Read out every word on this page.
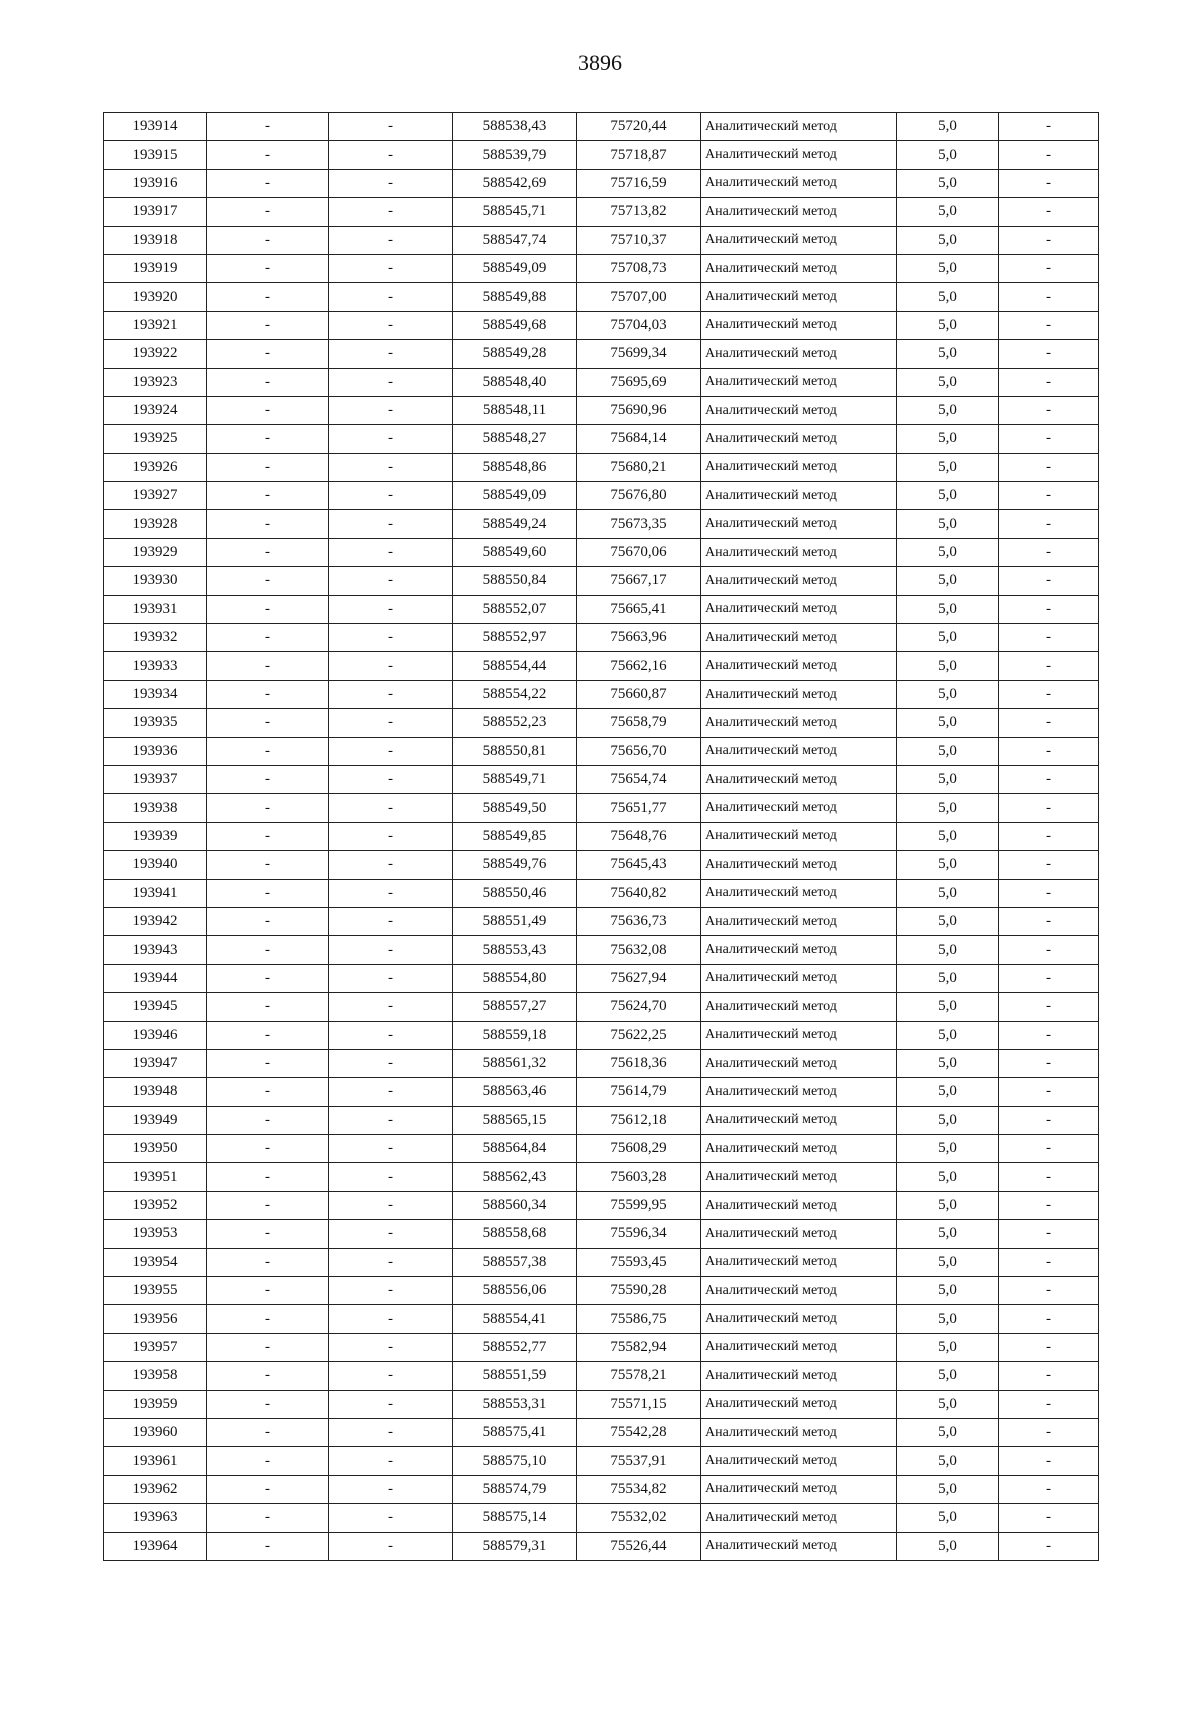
3896
193914	-	-	588538,43	75720,44	Аналитический метод	5,0	-
193915	-	-	588539,79	75718,87	Аналитический метод	5,0	-
193916	-	-	588542,69	75716,59	Аналитический метод	5,0	-
193917	-	-	588545,71	75713,82	Аналитический метод	5,0	-
193918	-	-	588547,74	75710,37	Аналитический метод	5,0	-
193919	-	-	588549,09	75708,73	Аналитический метод	5,0	-
193920	-	-	588549,88	75707,00	Аналитический метод	5,0	-
193921	-	-	588549,68	75704,03	Аналитический метод	5,0	-
193922	-	-	588549,28	75699,34	Аналитический метод	5,0	-
193923	-	-	588548,40	75695,69	Аналитический метод	5,0	-
193924	-	-	588548,11	75690,96	Аналитический метод	5,0	-
193925	-	-	588548,27	75684,14	Аналитический метод	5,0	-
193926	-	-	588548,86	75680,21	Аналитический метод	5,0	-
193927	-	-	588549,09	75676,80	Аналитический метод	5,0	-
193928	-	-	588549,24	75673,35	Аналитический метод	5,0	-
193929	-	-	588549,60	75670,06	Аналитический метод	5,0	-
193930	-	-	588550,84	75667,17	Аналитический метод	5,0	-
193931	-	-	588552,07	75665,41	Аналитический метод	5,0	-
193932	-	-	588552,97	75663,96	Аналитический метод	5,0	-
193933	-	-	588554,44	75662,16	Аналитический метод	5,0	-
193934	-	-	588554,22	75660,87	Аналитический метод	5,0	-
193935	-	-	588552,23	75658,79	Аналитический метод	5,0	-
193936	-	-	588550,81	75656,70	Аналитический метод	5,0	-
193937	-	-	588549,71	75654,74	Аналитический метод	5,0	-
193938	-	-	588549,50	75651,77	Аналитический метод	5,0	-
193939	-	-	588549,85	75648,76	Аналитический метод	5,0	-
193940	-	-	588549,76	75645,43	Аналитический метод	5,0	-
193941	-	-	588550,46	75640,82	Аналитический метод	5,0	-
193942	-	-	588551,49	75636,73	Аналитический метод	5,0	-
193943	-	-	588553,43	75632,08	Аналитический метод	5,0	-
193944	-	-	588554,80	75627,94	Аналитический метод	5,0	-
193945	-	-	588557,27	75624,70	Аналитический метод	5,0	-
193946	-	-	588559,18	75622,25	Аналитический метод	5,0	-
193947	-	-	588561,32	75618,36	Аналитический метод	5,0	-
193948	-	-	588563,46	75614,79	Аналитический метод	5,0	-
193949	-	-	588565,15	75612,18	Аналитический метод	5,0	-
193950	-	-	588564,84	75608,29	Аналитический метод	5,0	-
193951	-	-	588562,43	75603,28	Аналитический метод	5,0	-
193952	-	-	588560,34	75599,95	Аналитический метод	5,0	-
193953	-	-	588558,68	75596,34	Аналитический метод	5,0	-
193954	-	-	588557,38	75593,45	Аналитический метод	5,0	-
193955	-	-	588556,06	75590,28	Аналитический метод	5,0	-
193956	-	-	588554,41	75586,75	Аналитический метод	5,0	-
193957	-	-	588552,77	75582,94	Аналитический метод	5,0	-
193958	-	-	588551,59	75578,21	Аналитический метод	5,0	-
193959	-	-	588553,31	75571,15	Аналитический метод	5,0	-
193960	-	-	588575,41	75542,28	Аналитический метод	5,0	-
193961	-	-	588575,10	75537,91	Аналитический метод	5,0	-
193962	-	-	588574,79	75534,82	Аналитический метод	5,0	-
193963	-	-	588575,14	75532,02	Аналитический метод	5,0	-
193964	-	-	588579,31	75526,44	Аналитический метод	5,0	-
